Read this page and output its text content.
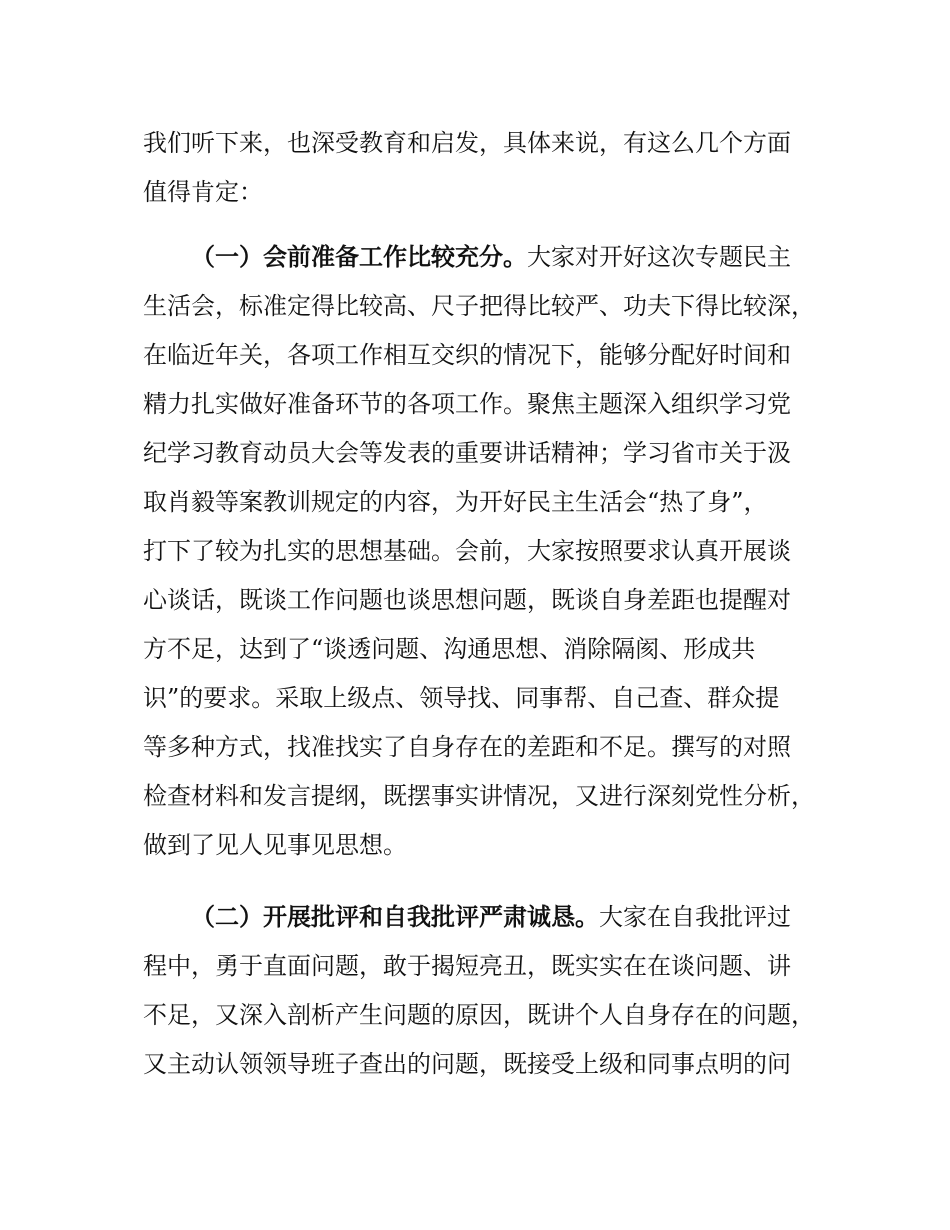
我们听下来，也深受教育和启发，具体来说，有这么几个方面
值得肯定：
（一）会前准备工作比较充分。大家对开好这次专题民主
生活会，标准定得比较高、尺子把得比较严、功夫下得比较深，
在临近年关，各项工作相互交织的情况下，能够分配好时间和
精力扎实做好准备环节的各项工作。聚焦主题深入组织学习党
纪学习教育动员大会等发表的重要讲话精神；学习省市关于汲
取肖毅等案教训规定的内容，为开好民主生活会“热了身”，
打下了较为扎实的思想基础。会前，大家按照要求认真开展谈
心谈话，既谈工作问题也谈思想问题，既谈自身差距也提醒对
方不足，达到了“谈透问题、沟通思想、消除隔阂、形成共
识”的要求。采取上级点、领导找、同事帮、自己查、群众提
等多种方式，找准找实了自身存在的差距和不足。撰写的对照
检查材料和发言提纲，既摆事实讲情况，又进行深刻党性分析，
做到了见人见事见思想。
（二）开展批评和自我批评严肃诚恳。大家在自我批评过
程中，勇于直面问题，敢于揭短亮丑，既实实在在谈问题、讲
不足，又深入剖析产生问题的原因，既讲个人自身存在的问题，
又主动认领领导班子查出的问题，既接受上级和同事点明的问
